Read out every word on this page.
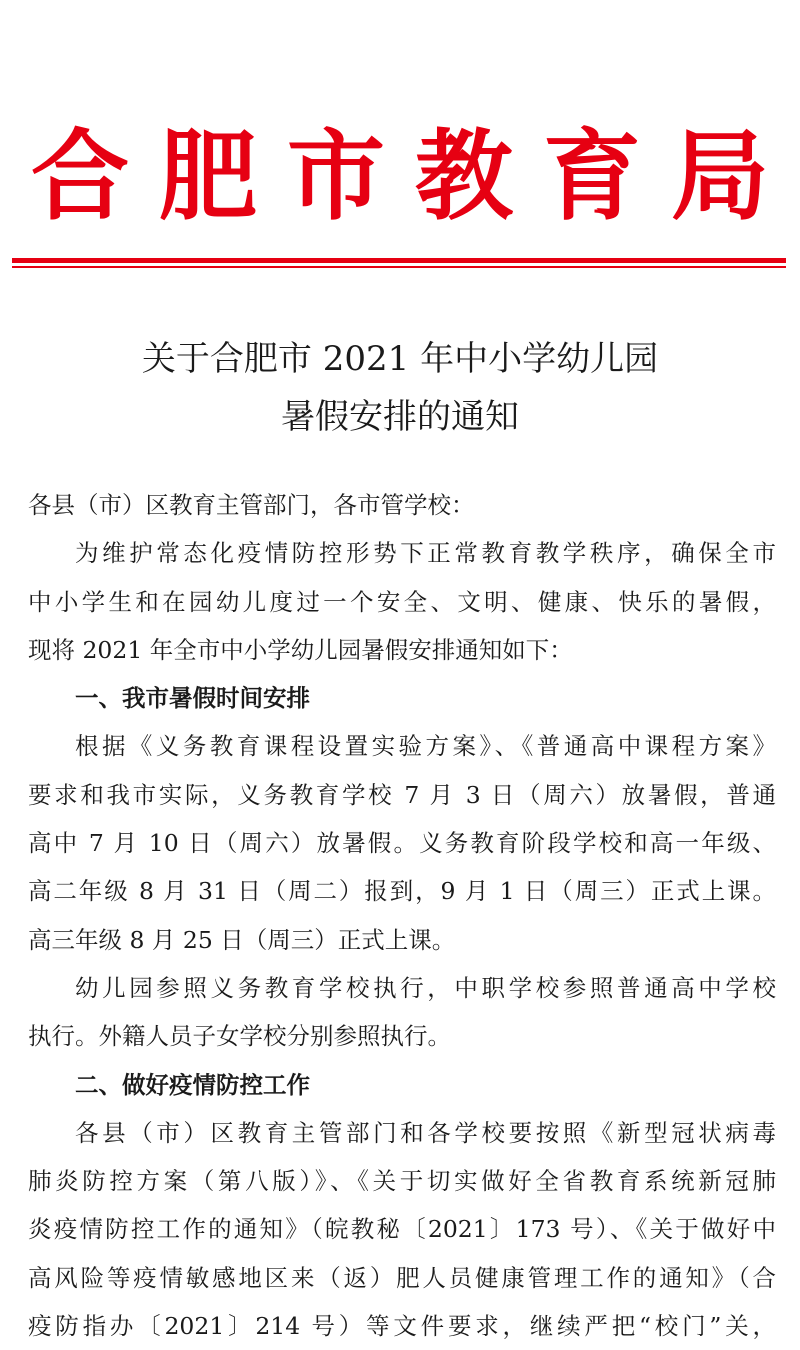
合肥市教育局
关于合肥市 2021 年中小学幼儿园
暑假安排的通知
各县（市）区教育主管部门，各市管学校：
为维护常态化疫情防控形势下正常教育教学秩序，确保全市
中小学生和在园幼儿度过一个安全、文明、健康、快乐的暑假，
现将 2021 年全市中小学幼儿园暑假安排通知如下：
一、我市暑假时间安排
根据《义务教育课程设置实验方案》、《普通高中课程方案》
要求和我市实际，义务教育学校 7 月 3 日（周六）放暑假，普通
高中 7 月 10 日（周六）放暑假。义务教育阶段学校和高一年级、
高二年级 8 月 31 日（周二）报到，9 月 1 日（周三）正式上课。
高三年级 8 月 25 日（周三）正式上课。
幼儿园参照义务教育学校执行，中职学校参照普通高中学校
执行。外籍人员子女学校分别参照执行。
二、做好疫情防控工作
各县（市）区教育主管部门和各学校要按照《新型冠状病毒
肺炎防控方案（第八版）》、《关于切实做好全省教育系统新冠肺
炎疫情防控工作的通知》（皖教秘〔2021〕173 号）、《关于做好中
高风险等疫情敏感地区来（返）肥人员健康管理工作的通知》（合
疫防指办〔2021〕214 号）等文件要求，继续严把“校门”关，
